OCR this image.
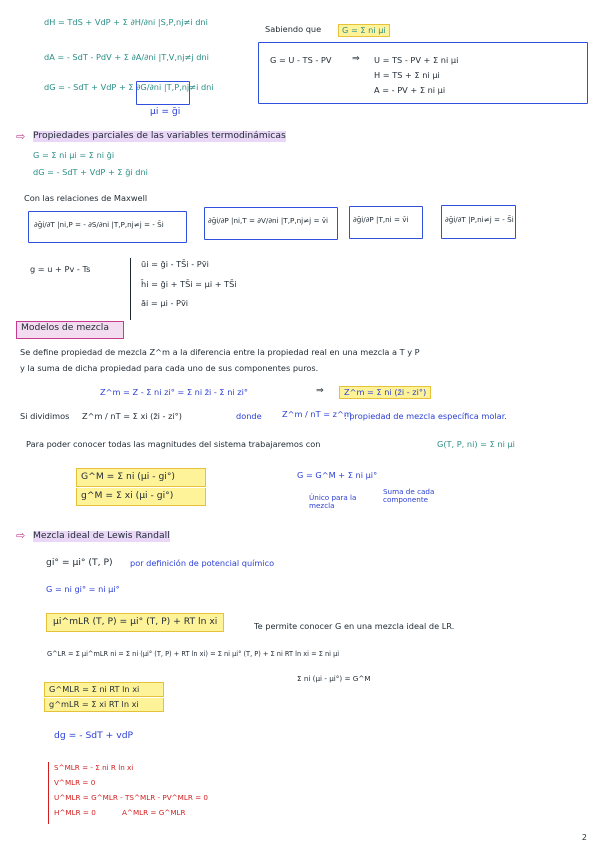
dH = TdS + VdP + Σ ∂H/∂ni |S,P,nj≠i dni
dA = - SdT - PdV + Σ ∂A/∂ni |T,V,nj≠j dni
dG = - SdT + VdP + Σ ∂G/∂ni |T,P,nj≠i dni
μi = ḡi
Sabiendo que	G = Σ ni μi
G = U - TS - PV ⇒ U = TS - PV + Σ ni μi
H = TS + Σ ni μi
A = - PV + Σ ni μi
⇨ Propiedades parciales de las variables termodinámicas
G = Σ ni μi = Σ ni ḡi
dG = - SdT + VdP + Σ ḡi dni
Con las relaciones de Maxwell
∂ḡi/∂T |ni,P = - ∂S/∂ni |T,P,nj≠j = - S̄i	∂ḡi/∂P |ni,T = ∂V/∂ni |T,P,nj≠j = v̄i	∂ḡi/∂P |T,ni = v̄i	∂ḡi/∂T |P,ni≠j = - S̄i
g = u + Pv - Ts	ūi = ḡi - TS̄i - Pv̄i
h̄i = ḡi + TS̄i = μi + TS̄i
āi = μi - Pv̄i
Modelos de mezcla
Se define propiedad de mezcla Z^m a la diferencia entre la propiedad real en una mezcla a T y P
y la suma de dicha propiedad para cada uno de sus componentes puros.
Z^m = Z - Σ ni zi° = Σ ni z̄i - Σ ni zi°	⇒	Z^m = Σ ni (z̄i - zi°)
Si dividimos Z^m / nT = Σ xi (z̄i - zi°)	donde Z^m / nT = z^m
: propiedad de mezcla específica molar.
Para poder conocer todas las magnitudes del sistema trabajaremos con	G(T, P, ni) = Σ ni μi
G^M = Σ ni (μi - gi°)
g^M = Σ xi (μi - gi°)
G = G^M + Σ ni μi°
Único para la mezcla
Suma de cada componente
⇨ Mezcla ideal de Lewis Randall
gi° = μi° (T, P) por definición de potencial químico
G = ni gi° = ni μi°
μi^mLR (T, P) = μi° (T, P) + RT ln xi	Te permite conocer G en una mezcla ideal de LR.
G^LR = Σ μi^mLR ni = Σ ni (μi° (T, P) + RT ln xi) = Σ ni μi° (T, P) + Σ ni RT ln xi = Σ ni μi
Σ ni (μi - μi°) = G^M
G^MLR = Σ ni RT ln xi
g^mLR = Σ xi RT ln xi
dg = - SdT + vdP
S^MLR = - Σ ni R ln xi
V^MLR = 0
U^MLR = G^MLR - TS^MLR - PV^MLR = 0
H^MLR = 0	A^MLR = G^MLR
2
